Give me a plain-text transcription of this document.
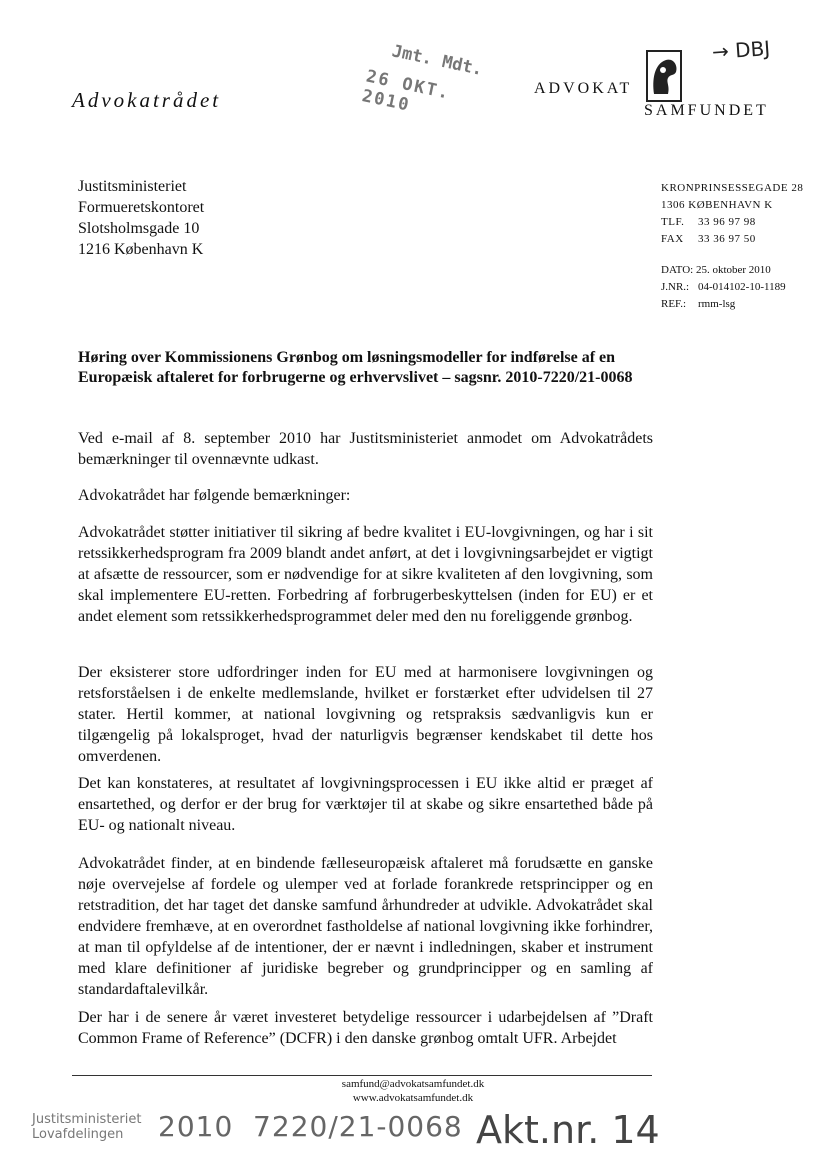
Advokatrådet
Jmt. Mdt.
26 OKT. 2010	ADVOKAT
SAMFUNDET
→ DBJ
Justitsministeriet
Formueretskontoret
Slotsholmsgade 10
1216 København K
KRONPRINSESSEGADE 28
1306 KØBENHAVN K
TLF. 33 96 97 98
FAX 33 36 97 50
DATO: 25. oktober 2010
J.NR.: 04-014102-10-1189
REF.: rmm-lsg
Høring over Kommissionens Grønbog om løsningsmodeller for indførelse af en Europæisk aftaleret for forbrugerne og erhvervslivet – sagsnr. 2010-7220/21-0068
Ved e-mail af 8. september 2010 har Justitsministeriet anmodet om Advokatrådets bemærkninger til ovennævnte udkast.
Advokatrådet har følgende bemærkninger:
Advokatrådet støtter initiativer til sikring af bedre kvalitet i EU-lovgivningen, og har i sit retssikkerhedsprogram fra 2009 blandt andet anført, at det i lovgivningsarbejdet er vigtigt at afsætte de ressourcer, som er nødvendige for at sikre kvaliteten af den lovgivning, som skal implementere EU-retten. Forbedring af forbrugerbeskyttelsen (inden for EU) er et andet element som retssikkerhedsprogrammet deler med den nu foreliggende grønbog.
Der eksisterer store udfordringer inden for EU med at harmonisere lovgivningen og retsforståelsen i de enkelte medlemslande, hvilket er forstærket efter udvidelsen til 27 stater. Hertil kommer, at national lovgivning og retspraksis sædvanligvis kun er tilgængelig på lokalsproget, hvad der naturligvis begrænser kendskabet til dette hos omverdenen.
Det kan konstateres, at resultatet af lovgivningsprocessen i EU ikke altid er præget af ensartethed, og derfor er der brug for værktøjer til at skabe og sikre ensartethed både på EU- og nationalt niveau.
Advokatrådet finder, at en bindende fælleseuropæisk aftaleret må forudsætte en ganske nøje overvejelse af fordele og ulemper ved at forlade forankrede retsprincipper og en retstradition, det har taget det danske samfund århundreder at udvikle. Advokatrådet skal endvidere fremhæve, at en overordnet fastholdelse af national lovgivning ikke forhindrer, at man til opfyldelse af de intentioner, der er nævnt i indledningen, skaber et instrument med klare definitioner af juridiske begreber og grundprincipper og en samling af standardaftalevilkår.
Der har i de senere år været investeret betydelige ressourcer i udarbejdelsen af ”Draft Common Frame of Reference” (DCFR) i den danske grønbog omtalt UFR. Arbejdet
samfund@advokatsamfundet.dk
www.advokatsamfundet.dk
Justitsministeriet
Lovafdelingen	2010 ⁠ 7220/21-0068 Akt.nr. 14
